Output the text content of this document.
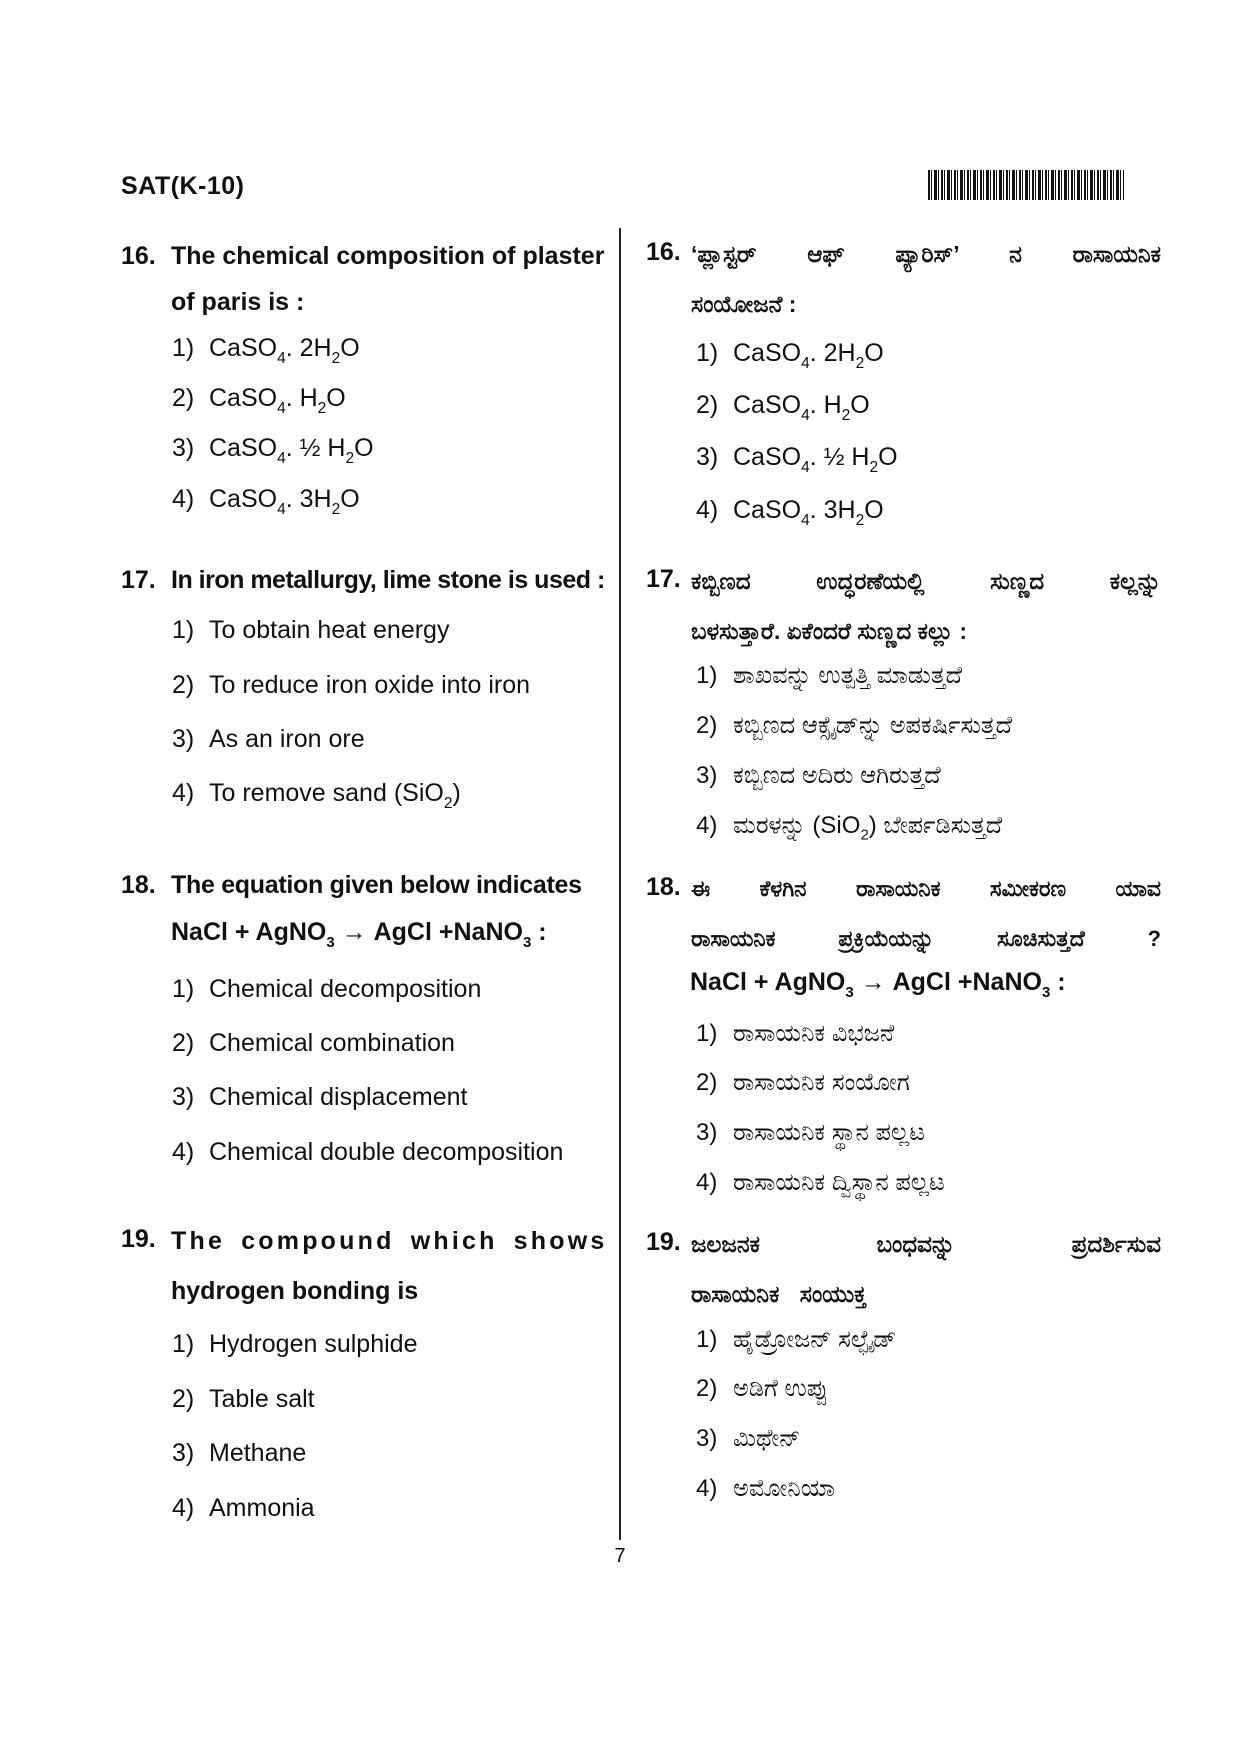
SAT(K-10)
16. The chemical composition of plaster
of paris is :
1) CaSO$_4$. $2H_2O$
2) CaSO$_4$. $H_2O$
3) CaSO$_4$. ½ $H_2O$
4) CaSO$_4$. $3H_2O$
17. In iron metallurgy, lime stone is used :
1) To obtain heat energy
2) To reduce iron oxide into iron
3) As an iron ore
4) To remove sand (SiO$_2$)
18. The equation given below indicates
NaCl + AgNO$_3$ → AgCl +NaNO$_3$ :
1) Chemical decomposition
2) Chemical combination
3) Chemical displacement
4) Chemical double decomposition
19. The compound which shows
hydrogen bonding is
1) Hydrogen sulphide
2) Table salt
3) Methane
4) Ammonia
16. ‘ಪ್ಲಾಸ್ಟರ್ ಆಫ್ ಪ್ಯಾರಿಸ್’ ನ ರಾಸಾಯನಿಕ
ಸಂಯೋಜನೆ :
1) CaSO$_4$. $2H_2O$
2) CaSO$_4$. $H_2O$
3) CaSO$_4$. ½ $H_2O$
4) CaSO$_4$. $3H_2O$
17. ಕಬ್ಬಿಣದ ಉದ್ಧರಣೆಯಲ್ಲಿ ಸುಣ್ಣದ ಕಲ್ಲನ್ನು
ಬಳಸುತ್ತಾರೆ. ಏಕೆಂದರೆ ಸುಣ್ಣದ ಕಲ್ಲು :
1) ಶಾಖವನ್ನು ಉತ್ಪತ್ತಿ ಮಾಡುತ್ತದೆ
2) ಕಬ್ಬಿಣದ ಆಕ್ಸೈಡ್‌ನ್ನು ಅಪಕರ್ಷಿಸುತ್ತದೆ
3) ಕಬ್ಬಿಣದ ಅದಿರು ಆಗಿರುತ್ತದೆ
4) ಮರಳನ್ನು (SiO$_2$) ಬೇರ್ಪಡಿಸುತ್ತದೆ
18. ಈ ಕೆಳಗಿನ ರಾಸಾಯನಿಕ ಸಮೀಕರಣ ಯಾವ
ರಾಸಾಯನಿಕ ಪ್ರಕ್ರಿಯೆಯನ್ನು ಸೂಚಿಸುತ್ತದೆ ?
NaCl + AgNO$_3$ → AgCl +NaNO$_3$ :
1) ರಾಸಾಯನಿಕ ವಿಭಜನೆ
2) ರಾಸಾಯನಿಕ ಸಂಯೋಗ
3) ರಾಸಾಯನಿಕ ಸ್ಥಾನ ಪಲ್ಲಟ
4) ರಾಸಾಯನಿಕ ದ್ವಿಸ್ಥಾನ ಪಲ್ಲಟ
19. ಜಲಜನಕ ಬಂಧವನ್ನು ಪ್ರದರ್ಶಿಸುವ
ರಾಸಾಯನಿಕ ಸಂಯುಕ್ತ
1) ಹೈಡ್ರೋಜನ್ ಸಲ್ಫೈಡ್
2) ಅಡಿಗೆ ಉಪ್ಪು
3) ಮಿಥೇನ್
4) ಅಮೋನಿಯಾ
7
